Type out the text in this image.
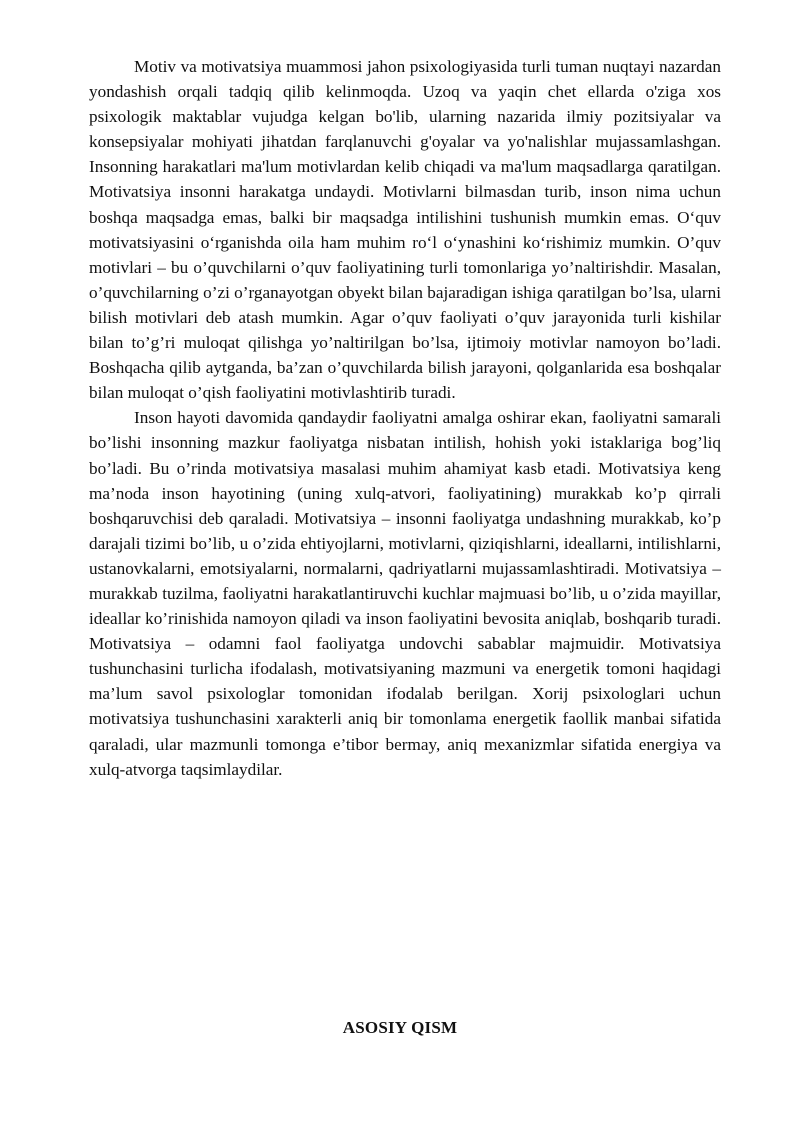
Motiv va motivatsiya muammosi jahon psixologiyasida turli tuman nuqtayi nazardan yondashish orqali tadqiq qilib kelinmoqda. Uzoq va yaqin chet ellarda o'ziga xos psixologik maktablar vujudga kelgan bo'lib, ularning nazarida ilmiy pozitsiyalar va konsepsiyalar mohiyati jihatdan farqlanuvchi g'oyalar va yo'nalishlar mujassamlashgan. Insonning harakatlari ma'lum motivlardan kelib chiqadi va ma'lum maqsadlarga qaratilgan. Motivatsiya insonni harakatga undaydi. Motivlarni bilmasdan turib, inson nima uchun boshqa maqsadga emas, balki bir maqsadga intilishini tushunish mumkin emas. O‘quv motivatsiyasini o‘rganishda oila ham muhim ro‘l o‘ynashini ko‘rishimiz mumkin. O’quv motivlari – bu o’quvchilarni o’quv faoliyatining turli tomonlariga yo’naltirishdir. Masalan, o’quvchilarning o’zi o’rganayotgan obyekt bilan bajaradigan ishiga qaratilgan bo’lsa, ularni bilish motivlari deb atash mumkin. Agar o’quv faoliyati o’quv jarayonida turli kishilar bilan to’g’ri muloqat qilishga yo’naltirilgan bo’lsa, ijtimoiy motivlar namoyon bo’ladi. Boshqacha qilib aytganda, ba’zan o’quvchilarda bilish jarayoni, qolganlarida esa boshqalar bilan muloqat o’qish faoliyatini motivlashtirib turadi.

Inson hayoti davomida qandaydir faoliyatni amalga oshirar ekan, faoliyatni samarali bo’lishi insonning mazkur faoliyatga nisbatan intilish, hohish yoki istaklariga bog’liq bo’ladi. Bu o’rinda motivatsiya masalasi muhim ahamiyat kasb etadi. Motivatsiya keng ma’noda inson hayotining (uning xulq-atvori, faoliyatining) murakkab ko’p qirrali boshqaruvchisi deb qaraladi. Motivatsiya – insonni faoliyatga undashning murakkab, ko’p darajali tizimi bo’lib, u o’zida ehtiyojlarni, motivlarni, qiziqishlarni, ideallarni, intilishlarni, ustanovkalarni, emotsiyalarni, normalarni, qadriyatlarni mujassamlashtiradi. Motivatsiya – murakkab tuzilma, faoliyatni harakatlantiruvchi kuchlar majmuasi bo’lib, u o’zida mayillar, ideallar ko’rinishida namoyon qiladi va inson faoliyatini bevosita aniqlab, boshqarib turadi. Motivatsiya – odamni faol faoliyatga undovchi sabablar majmuidir. Motivatsiya tushunchasini turlicha ifodalash, motivatsiyaning mazmuni va energetik tomoni haqidagi ma’lum savol psixologlar tomonidan ifodalab berilgan. Xorij psixologlari uchun motivatsiya tushunchasini xarakterli aniq bir tomonlama energetik faollik manbai sifatida qaraladi, ular mazmunli tomonga e’tibor bermay, aniq mexanizmlar sifatida energiya va xulq-atvorga taqsimlaydilar.

ASOSIY QISM
